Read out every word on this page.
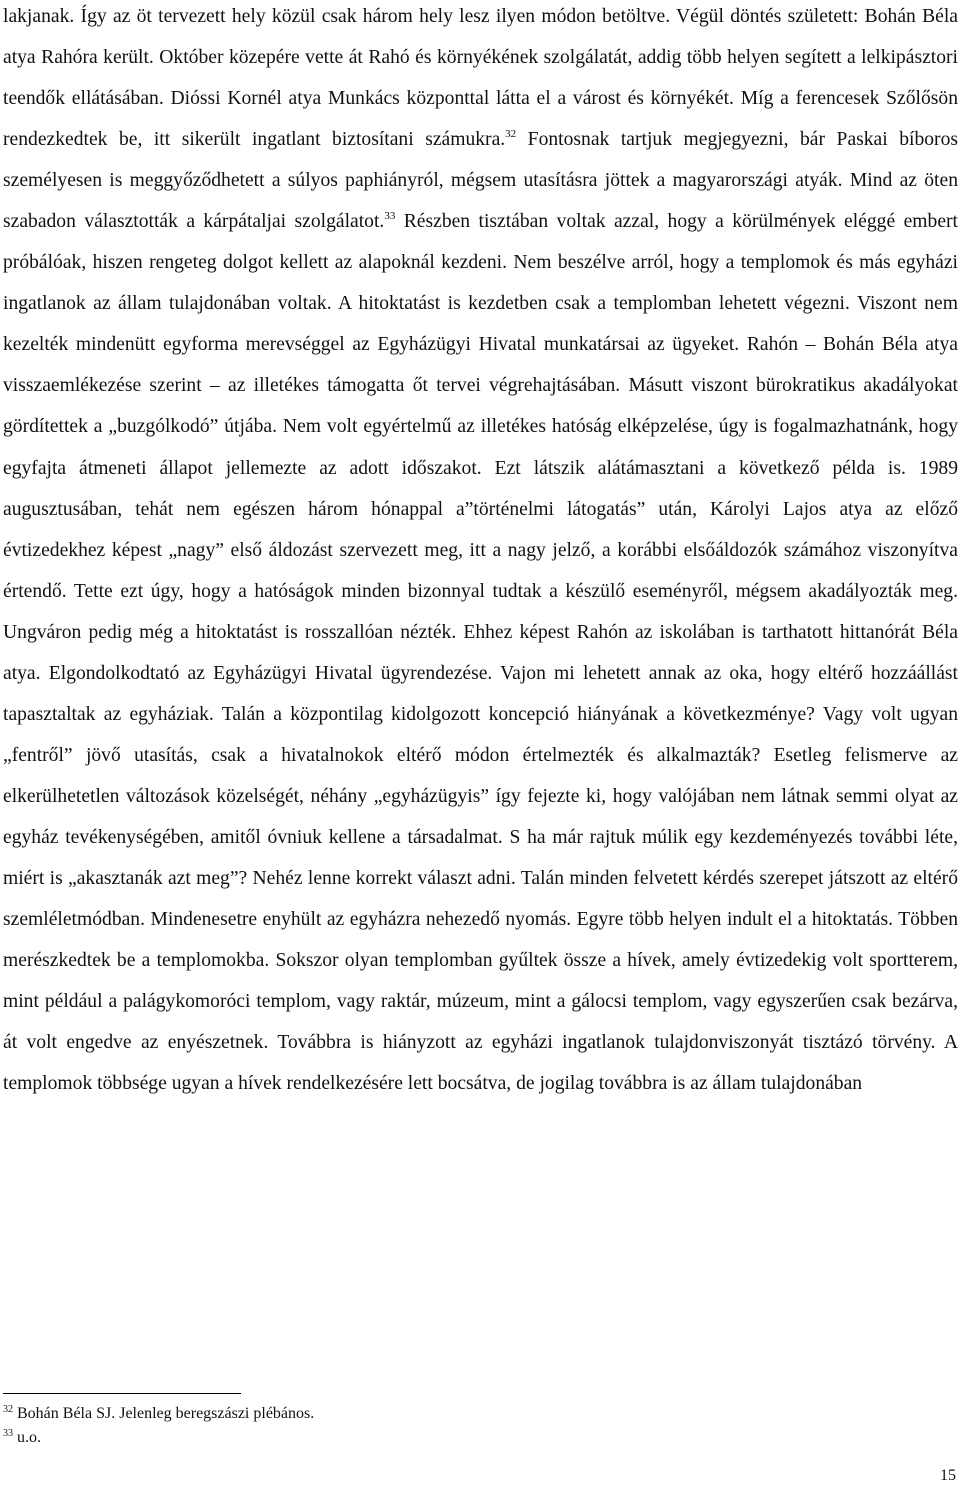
lakjanak. Így az öt tervezett hely közül csak három hely lesz ilyen módon betöltve. Végül döntés született: Bohán Béla atya Rahóra került. Október közepére vette át Rahó és környékének szolgálatát, addig több helyen segített a lelkipásztori teendők ellátásában. Dióssi Kornél atya Munkács központtal látta el a várost és környékét. Míg a ferencesek Szőlősön rendezkedtek be, itt sikerült ingatlant biztosítani számukra.$^{32}$ Fontosnak tartjuk megjegyezni, bár Paskai bíboros személyesen is meggyőződhetett a súlyos paphiányról, mégsem utasításra jöttek a magyarországi atyák. Mind az öten szabadon választották a kárpátaljai szolgálatot.$^{33}$ Részben tisztában voltak azzal, hogy a körülmények eléggé embert próbálóak, hiszen rengeteg dolgot kellett az alapoknál kezdeni. Nem beszélve arról, hogy a templomok és más egyházi ingatlanok az állam tulajdonában voltak. A hitoktatást is kezdetben csak a templomban lehetett végezni. Viszont nem kezelték mindenütt egyforma merevséggel az Egyházügyi Hivatal munkatársai az ügyeket. Rahón – Bohán Béla atya visszaemlékezése szerint – az illetékes támogatta őt tervei végrehajtásában. Másutt viszont bürokratikus akadályokat gördítettek a „buzgólkodó” útjába. Nem volt egyértelmű az illetékes hatóság elképzelése, úgy is fogalmazhatnánk, hogy egyfajta átmeneti állapot jellemezte az adott időszakot. Ezt látszik alátámasztani a következő példa is. 1989 augusztusában, tehát nem egészen három hónappal a”történelmi látogatás” után, Károlyi Lajos atya az előző évtizedekhez képest „nagy” első áldozást szervezett meg, itt a nagy jelző, a korábbi elsőáldozók számához viszonyítva értendő. Tette ezt úgy, hogy a hatóságok minden bizonnyal tudtak a készülő eseményről, mégsem akadályozták meg. Ungváron pedig még a hitoktatást is rosszallóan nézték. Ehhez képest Rahón az iskolában is tarthatott hittanórát Béla atya. Elgondolkodtató az Egyházügyi Hivatal ügyrendezése. Vajon mi lehetett annak az oka, hogy eltérő hozzáállást tapasztaltak az egyháziak. Talán a központilag kidolgozott koncepció hiányának a következménye? Vagy volt ugyan „fentről” jövő utasítás, csak a hivatalnokok eltérő módon értelmezték és alkalmazták? Esetleg felismerve az elkerülhetetlen változások közelségét, néhány „egyházügyis” így fejezte ki, hogy valójában nem látnak semmi olyat az egyház tevékenységében, amitől óvniuk kellene a társadalmat. S ha már rajtuk múlik egy kezdeményezés további léte, miért is „akasztanák azt meg”? Nehéz lenne korrekt választ adni. Talán minden felvetett kérdés szerepet játszott az eltérő szemléletmódban. Mindenesetre enyhült az egyházra nehezedő nyomás. Egyre több helyen indult el a hitoktatás. Többen merészkedtek be a templomokba. Sokszor olyan templomban gyűltek össze a hívek, amely évtizedekig volt sportterem, mint például a palágykomoróci templom, vagy raktár, múzeum, mint a gálocsi templom, vagy egyszerűen csak bezárva, át volt engedve az enyészetnek. Továbbra is hiányzott az egyházi ingatlanok tulajdonviszonyát tisztázó törvény. A templomok többsége ugyan a hívek rendelkezésére lett bocsátva, de jogilag továbbra is az állam tulajdonában

$^{32}$ Bohán Béla SJ. Jelenleg beregszászi plébános.
$^{33}$ u.o.
15
